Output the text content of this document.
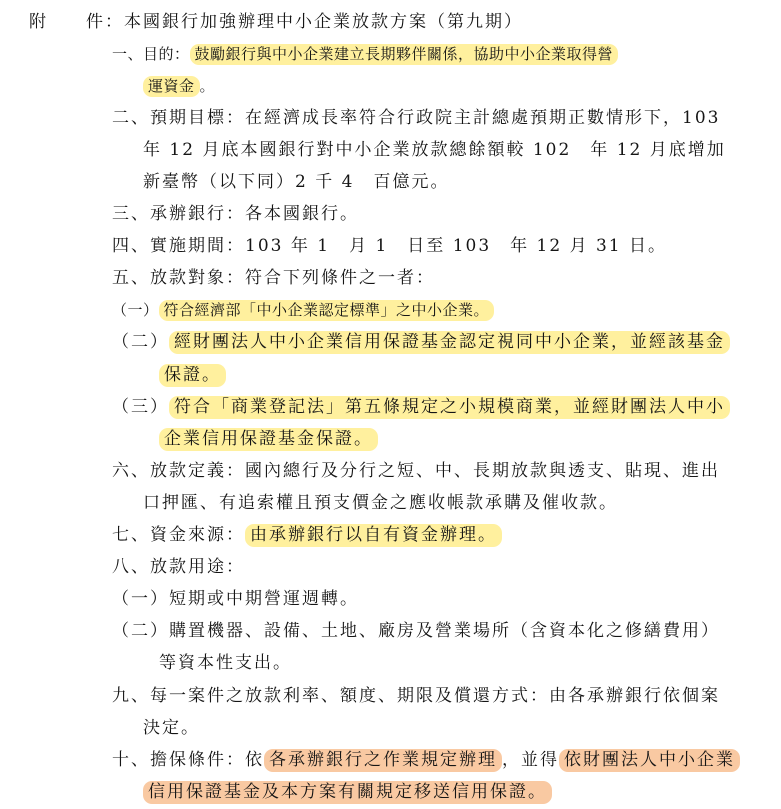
附　　件：本國銀行加強辦理中小企業放款方案（第九期）
一、目的： 鼓勵銀行與中小企業建立長期夥伴關係，協助中小企業取得營
運資金 。
二、預期目標：在經濟成長率符合行政院主計總處預期正數情形下，103
年 12 月底本國銀行對中小企業放款總餘額較 102　年 12 月底增加
新臺幣（以下同）2 千 4　百億元。
三、承辦銀行：各本國銀行。
四、實施期間：103 年 1　月 1　日至 103　年 12 月 31 日。
五、放款對象：符合下列條件之一者：
（一） 符合經濟部「中小企業認定標準」之中小企業。
（二） 經財團法人中小企業信用保證基金認定視同中小企業，並經該基金
保證。
（三） 符合「商業登記法」第五條規定之小規模商業，並經財團法人中小
企業信用保證基金保證。
六、放款定義：國內總行及分行之短、中、長期放款與透支、貼現、進出
口押匯、有追索權且預支價金之應收帳款承購及催收款。
七、資金來源： 由承辦銀行以自有資金辦理。
八、放款用途：
（一）短期或中期營運週轉。
（二）購置機器、設備、土地、廠房及營業場所（含資本化之修繕費用）
等資本性支出。
九、每一案件之放款利率、額度、期限及償還方式：由各承辦銀行依個案
決定。
十、擔保條件：依 各承辦銀行之作業規定辦理 ，並得 依財團法人中小企業
信用保證基金及本方案有關規定移送信用保證。
